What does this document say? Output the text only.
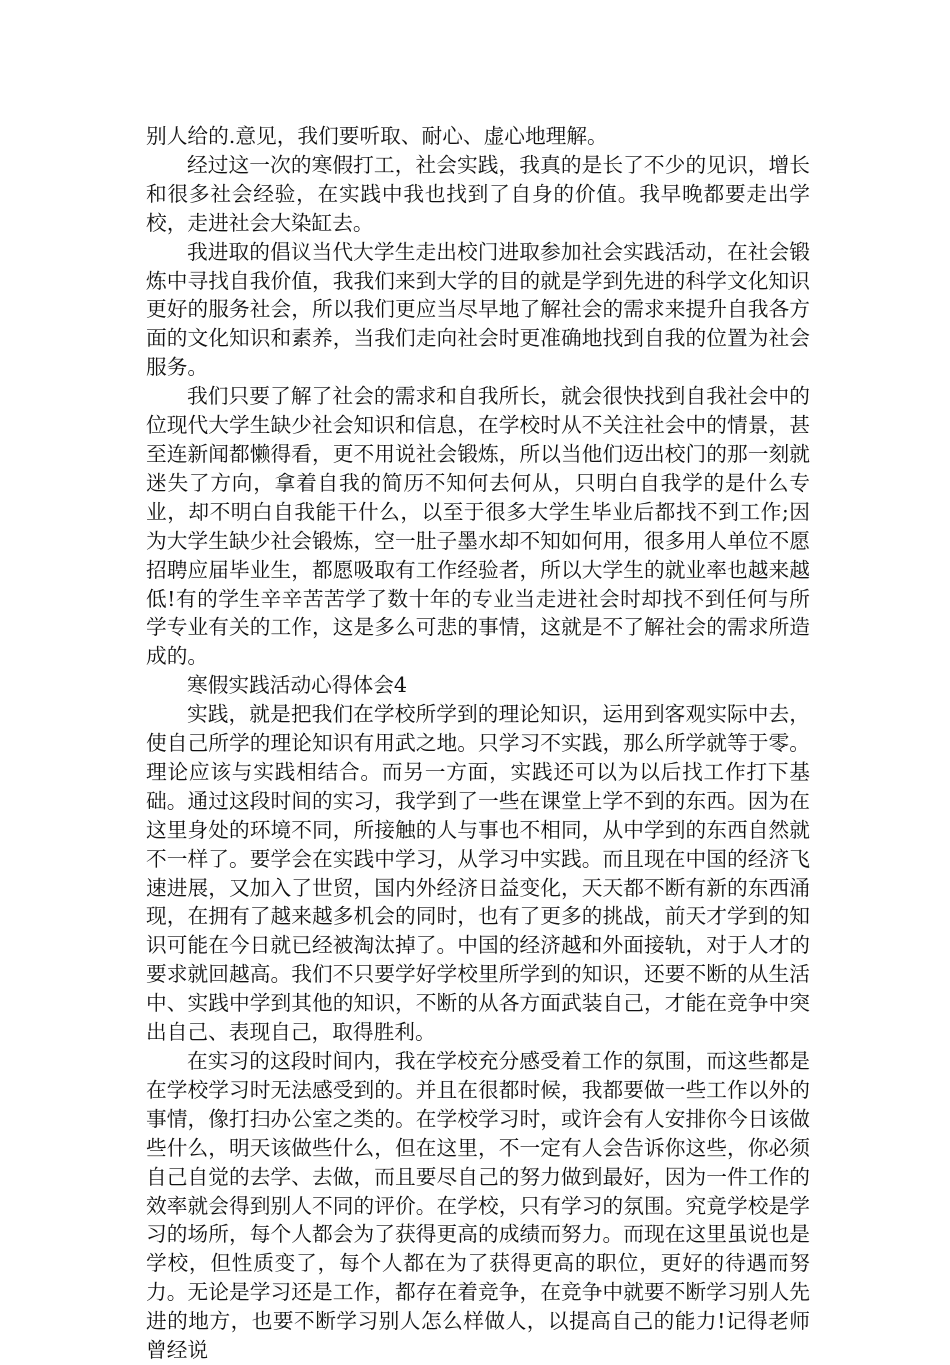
别人给的.意见，我们要听取、耐心、虚心地理解。

经过这一次的寒假打工，社会实践，我真的是长了不少的见识，增长和很多社会经验，在实践中我也找到了自身的价值。我早晚都要走出学校，走进社会大染缸去。

我进取的倡议当代大学生走出校门进取参加社会实践活动，在社会锻炼中寻找自我价值，我我们来到大学的目的就是学到先进的科学文化知识更好的服务社会，所以我们更应当尽早地了解社会的需求来提升自我各方面的文化知识和素养，当我们走向社会时更准确地找到自我的位置为社会服务。

我们只要了解了社会的需求和自我所长，就会很快找到自我社会中的位现代大学生缺少社会知识和信息，在学校时从不关注社会中的情景，甚至连新闻都懒得看，更不用说社会锻炼，所以当他们迈出校门的那一刻就迷失了方向，拿着自我的简历不知何去何从，只明白自我学的是什么专业，却不明白自我能干什么，以至于很多大学生毕业后都找不到工作;因为大学生缺少社会锻炼，空一肚子墨水却不知如何用，很多用人单位不愿招聘应届毕业生，都愿吸取有工作经验者，所以大学生的就业率也越来越低!有的学生辛辛苦苦学了数十年的专业当走进社会时却找不到任何与所学专业有关的工作，这是多么可悲的事情，这就是不了解社会的需求所造成的。

寒假实践活动心得体会4

实践，就是把我们在学校所学到的理论知识，运用到客观实际中去，使自己所学的理论知识有用武之地。只学习不实践，那么所学就等于零。理论应该与实践相结合。而另一方面，实践还可以为以后找工作打下基础。通过这段时间的实习，我学到了一些在课堂上学不到的东西。因为在这里身处的环境不同，所接触的人与事也不相同，从中学到的东西自然就不一样了。要学会在实践中学习，从学习中实践。而且现在中国的经济飞速进展，又加入了世贸，国内外经济日益变化，天天都不断有新的东西涌现，在拥有了越来越多机会的同时，也有了更多的挑战，前天才学到的知识可能在今日就已经被淘汰掉了。中国的经济越和外面接轨，对于人才的要求就回越高。我们不只要学好学校里所学到的知识，还要不断的从生活中、实践中学到其他的知识，不断的从各方面武装自己，才能在竞争中突出自己、表现自己，取得胜利。

在实习的这段时间内，我在学校充分感受着工作的氛围，而这些都是在学校学习时无法感受到的。并且在很都时候，我都要做一些工作以外的事情，像打扫办公室之类的。在学校学习时，或许会有人安排你今日该做些什么，明天该做些什么，但在这里，不一定有人会告诉你这些，你必须自己自觉的去学、去做，而且要尽自己的努力做到最好，因为一件工作的效率就会得到别人不同的评价。在学校，只有学习的氛围。究竟学校是学习的场所，每个人都会为了获得更高的成绩而努力。而现在这里虽说也是学校，但性质变了，每个人都在为了获得更高的职位，更好的待遇而努力。无论是学习还是工作，都存在着竞争，在竞争中就要不断学习别人先进的地方，也要不断学习别人怎么样做人，以提高自己的能力!记得老师曾经说
